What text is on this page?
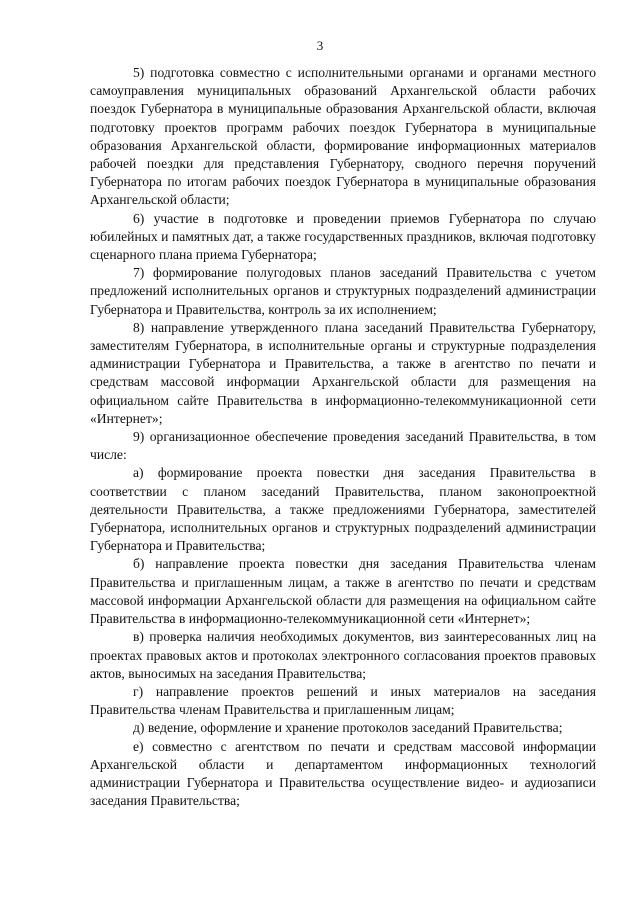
3

5) подготовка совместно с исполнительными органами и органами местного самоуправления муниципальных образований Архангельской области рабочих поездок Губернатора в муниципальные образования Архангельской области, включая подготовку проектов программ рабочих поездок Губернатора в муниципальные образования Архангельской области, формирование информационных материалов рабочей поездки для представления Губернатору, сводного перечня поручений Губернатора по итогам рабочих поездок Губернатора в муниципальные образования Архангельской области;

6) участие в подготовке и проведении приемов Губернатора по случаю юбилейных и памятных дат, а также государственных праздников, включая подготовку сценарного плана приема Губернатора;

7) формирование полугодовых планов заседаний Правительства с учетом предложений исполнительных органов и структурных подразделений администрации Губернатора и Правительства, контроль за их исполнением;

8) направление утвержденного плана заседаний Правительства Губернатору, заместителям Губернатора, в исполнительные органы и структурные подразделения администрации Губернатора и Правительства, а также в агентство по печати и средствам массовой информации Архангельской области для размещения на официальном сайте Правительства в информационно-телекоммуникационной сети «Интернет»;

9) организационное обеспечение проведения заседаний Правительства, в том числе:

а) формирование проекта повестки дня заседания Правительства в соответствии с планом заседаний Правительства, планом законопроектной деятельности Правительства, а также предложениями Губернатора, заместителей Губернатора, исполнительных органов и структурных подразделений администрации Губернатора и Правительства;

б) направление проекта повестки дня заседания Правительства членам Правительства и приглашенным лицам, а также в агентство по печати и средствам массовой информации Архангельской области для размещения на официальном сайте Правительства в информационно-телекоммуникационной сети «Интернет»;

в) проверка наличия необходимых документов, виз заинтересованных лиц на проектах правовых актов и протоколах электронного согласования проектов правовых актов, выносимых на заседания Правительства;

г) направление проектов решений и иных материалов на заседания Правительства членам Правительства и приглашенным лицам;

д) ведение, оформление и хранение протоколов заседаний Правительства;

е) совместно с агентством по печати и средствам массовой информации Архангельской области и департаментом информационных технологий администрации Губернатора и Правительства осуществление видео- и аудиозаписи заседания Правительства;
